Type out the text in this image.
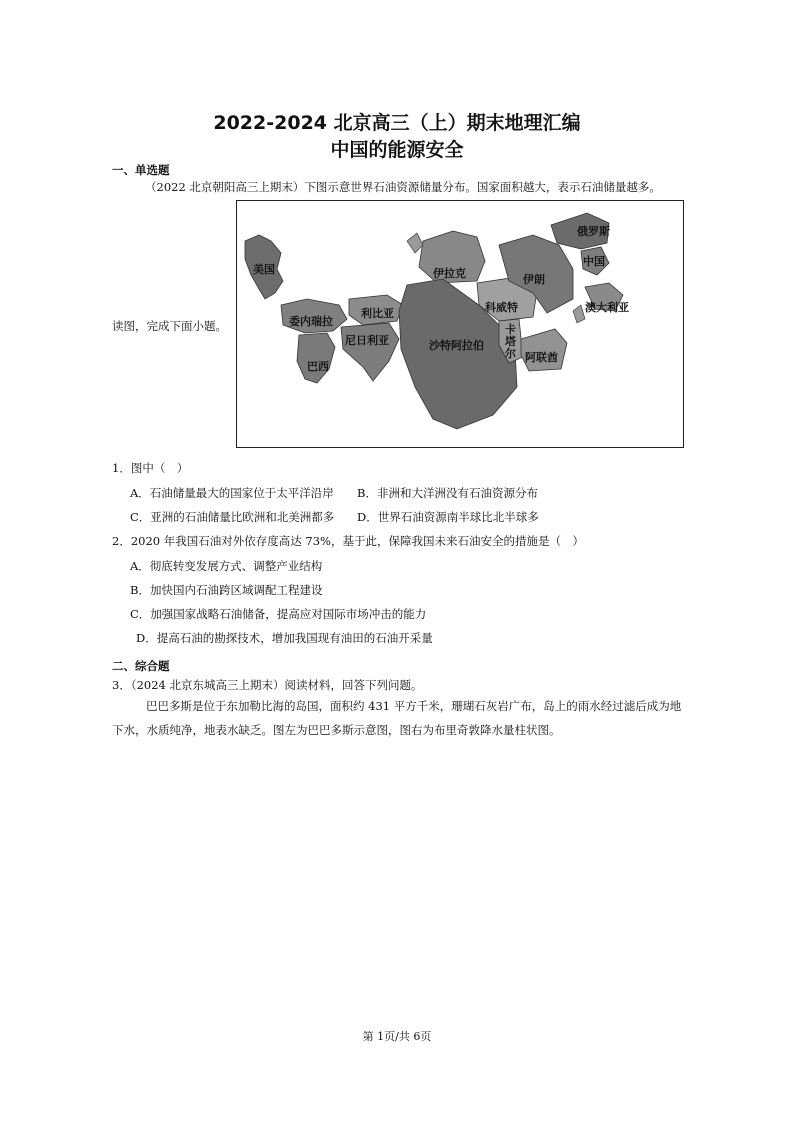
2022-2024 北京高三（上）期末地理汇编
中国的能源安全
一、单选题
（2022 北京朝阳高三上期末）下图示意世界石油资源储量分布。国家面积越大，表示石油储量越多。
读图，完成下面小题。
美国
委内瑞拉
巴西
利比亚
尼日利亚
伊拉克
沙特阿拉伯
科威特
伊朗
卡
塔
尔 阿联酋
俄罗斯
中国
澳大利亚
1．图中（　）
A．石油储量最大的国家位于太平洋沿岸 B．非洲和大洋洲没有石油资源分布
C．亚洲的石油储量比欧洲和北美洲都多 D．世界石油资源南半球比北半球多
2．2020 年我国石油对外依存度高达 73%，基于此，保障我国未来石油安全的措施是（　）
A．彻底转变发展方式、调整产业结构
B．加快国内石油跨区域调配工程建设
C．加强国家战略石油储备，提高应对国际市场冲击的能力
D．提高石油的勘探技术，增加我国现有油田的石油开采量
二、综合题
3．（2024 北京东城高三上期末）阅读材料，回答下列问题。
巴巴多斯是位于东加勒比海的岛国，面积约 431 平方千米，珊瑚石灰岩广布，岛上的雨水经过滤后成为地下水，水质纯净，地表水缺乏。图左为巴巴多斯示意图，图右为布里奇敦降水量柱状图。
第 1页/共 6页
